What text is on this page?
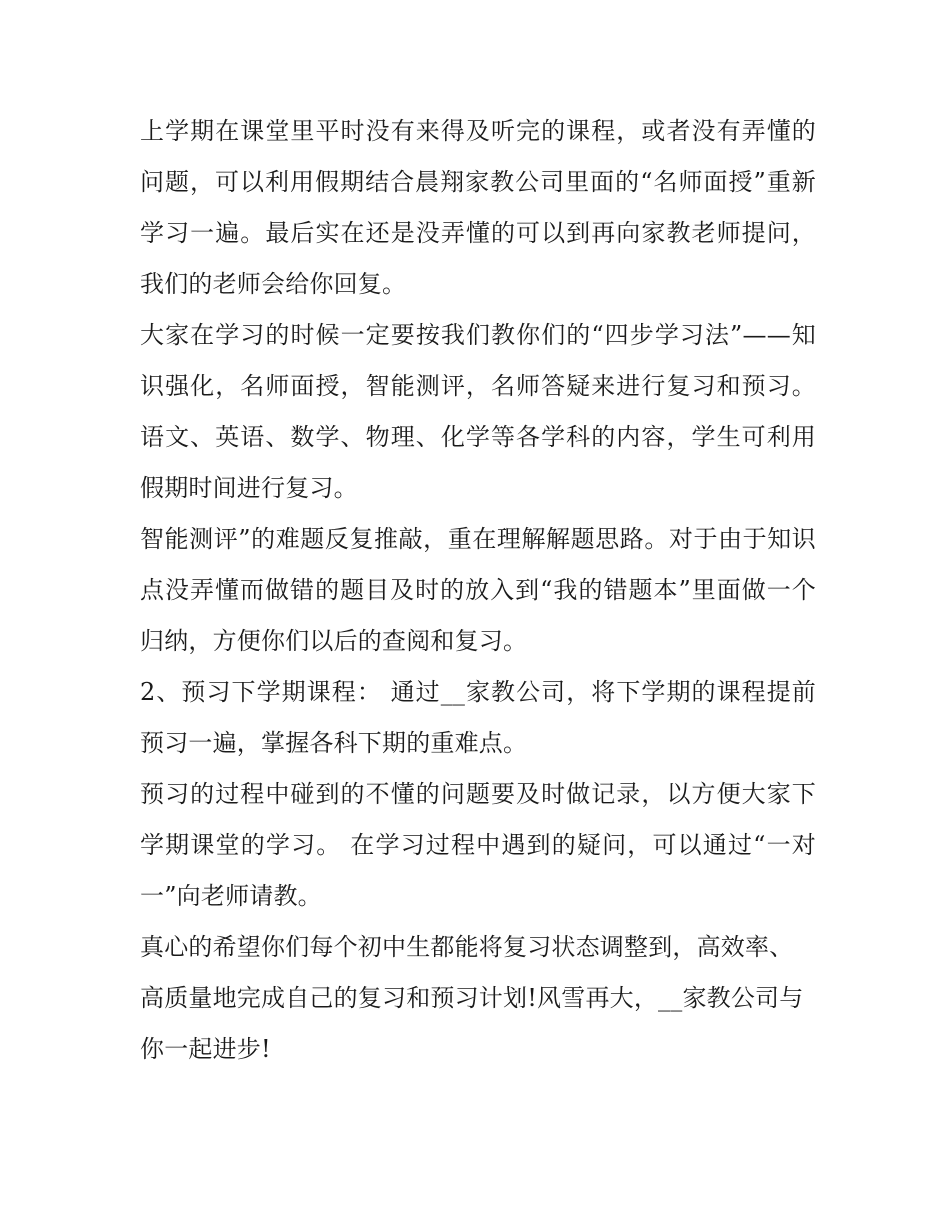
上学期在课堂里平时没有来得及听完的课程，或者没有弄懂的问题，可以利用假期结合晨翔家教公司里面的“名师面授”重新学习一遍。最后实在还是没弄懂的可以到再向家教老师提问，我们的老师会给你回复。

大家在学习的时候一定要按我们教你们的“四步学习法”——知识强化，名师面授，智能测评，名师答疑来进行复习和预习。语文、英语、数学、物理、化学等各学科的内容，学生可利用假期时间进行复习。

智能测评”的难题反复推敲，重在理解解题思路。对于由于知识点没弄懂而做错的题目及时的放入到“我的错题本”里面做一个归纳，方便你们以后的查阅和复习。

2、预习下学期课程： 通过__家教公司，将下学期的课程提前预习一遍，掌握各科下期的重难点。

预习的过程中碰到的不懂的问题要及时做记录，以方便大家下学期课堂的学习。 在学习过程中遇到的疑问，可以通过“一对一”向老师请教。

真心的希望你们每个初中生都能将复习状态调整到，高效率、高质量地完成自己的复习和预习计划!风雪再大，__家教公司与你一起进步!
